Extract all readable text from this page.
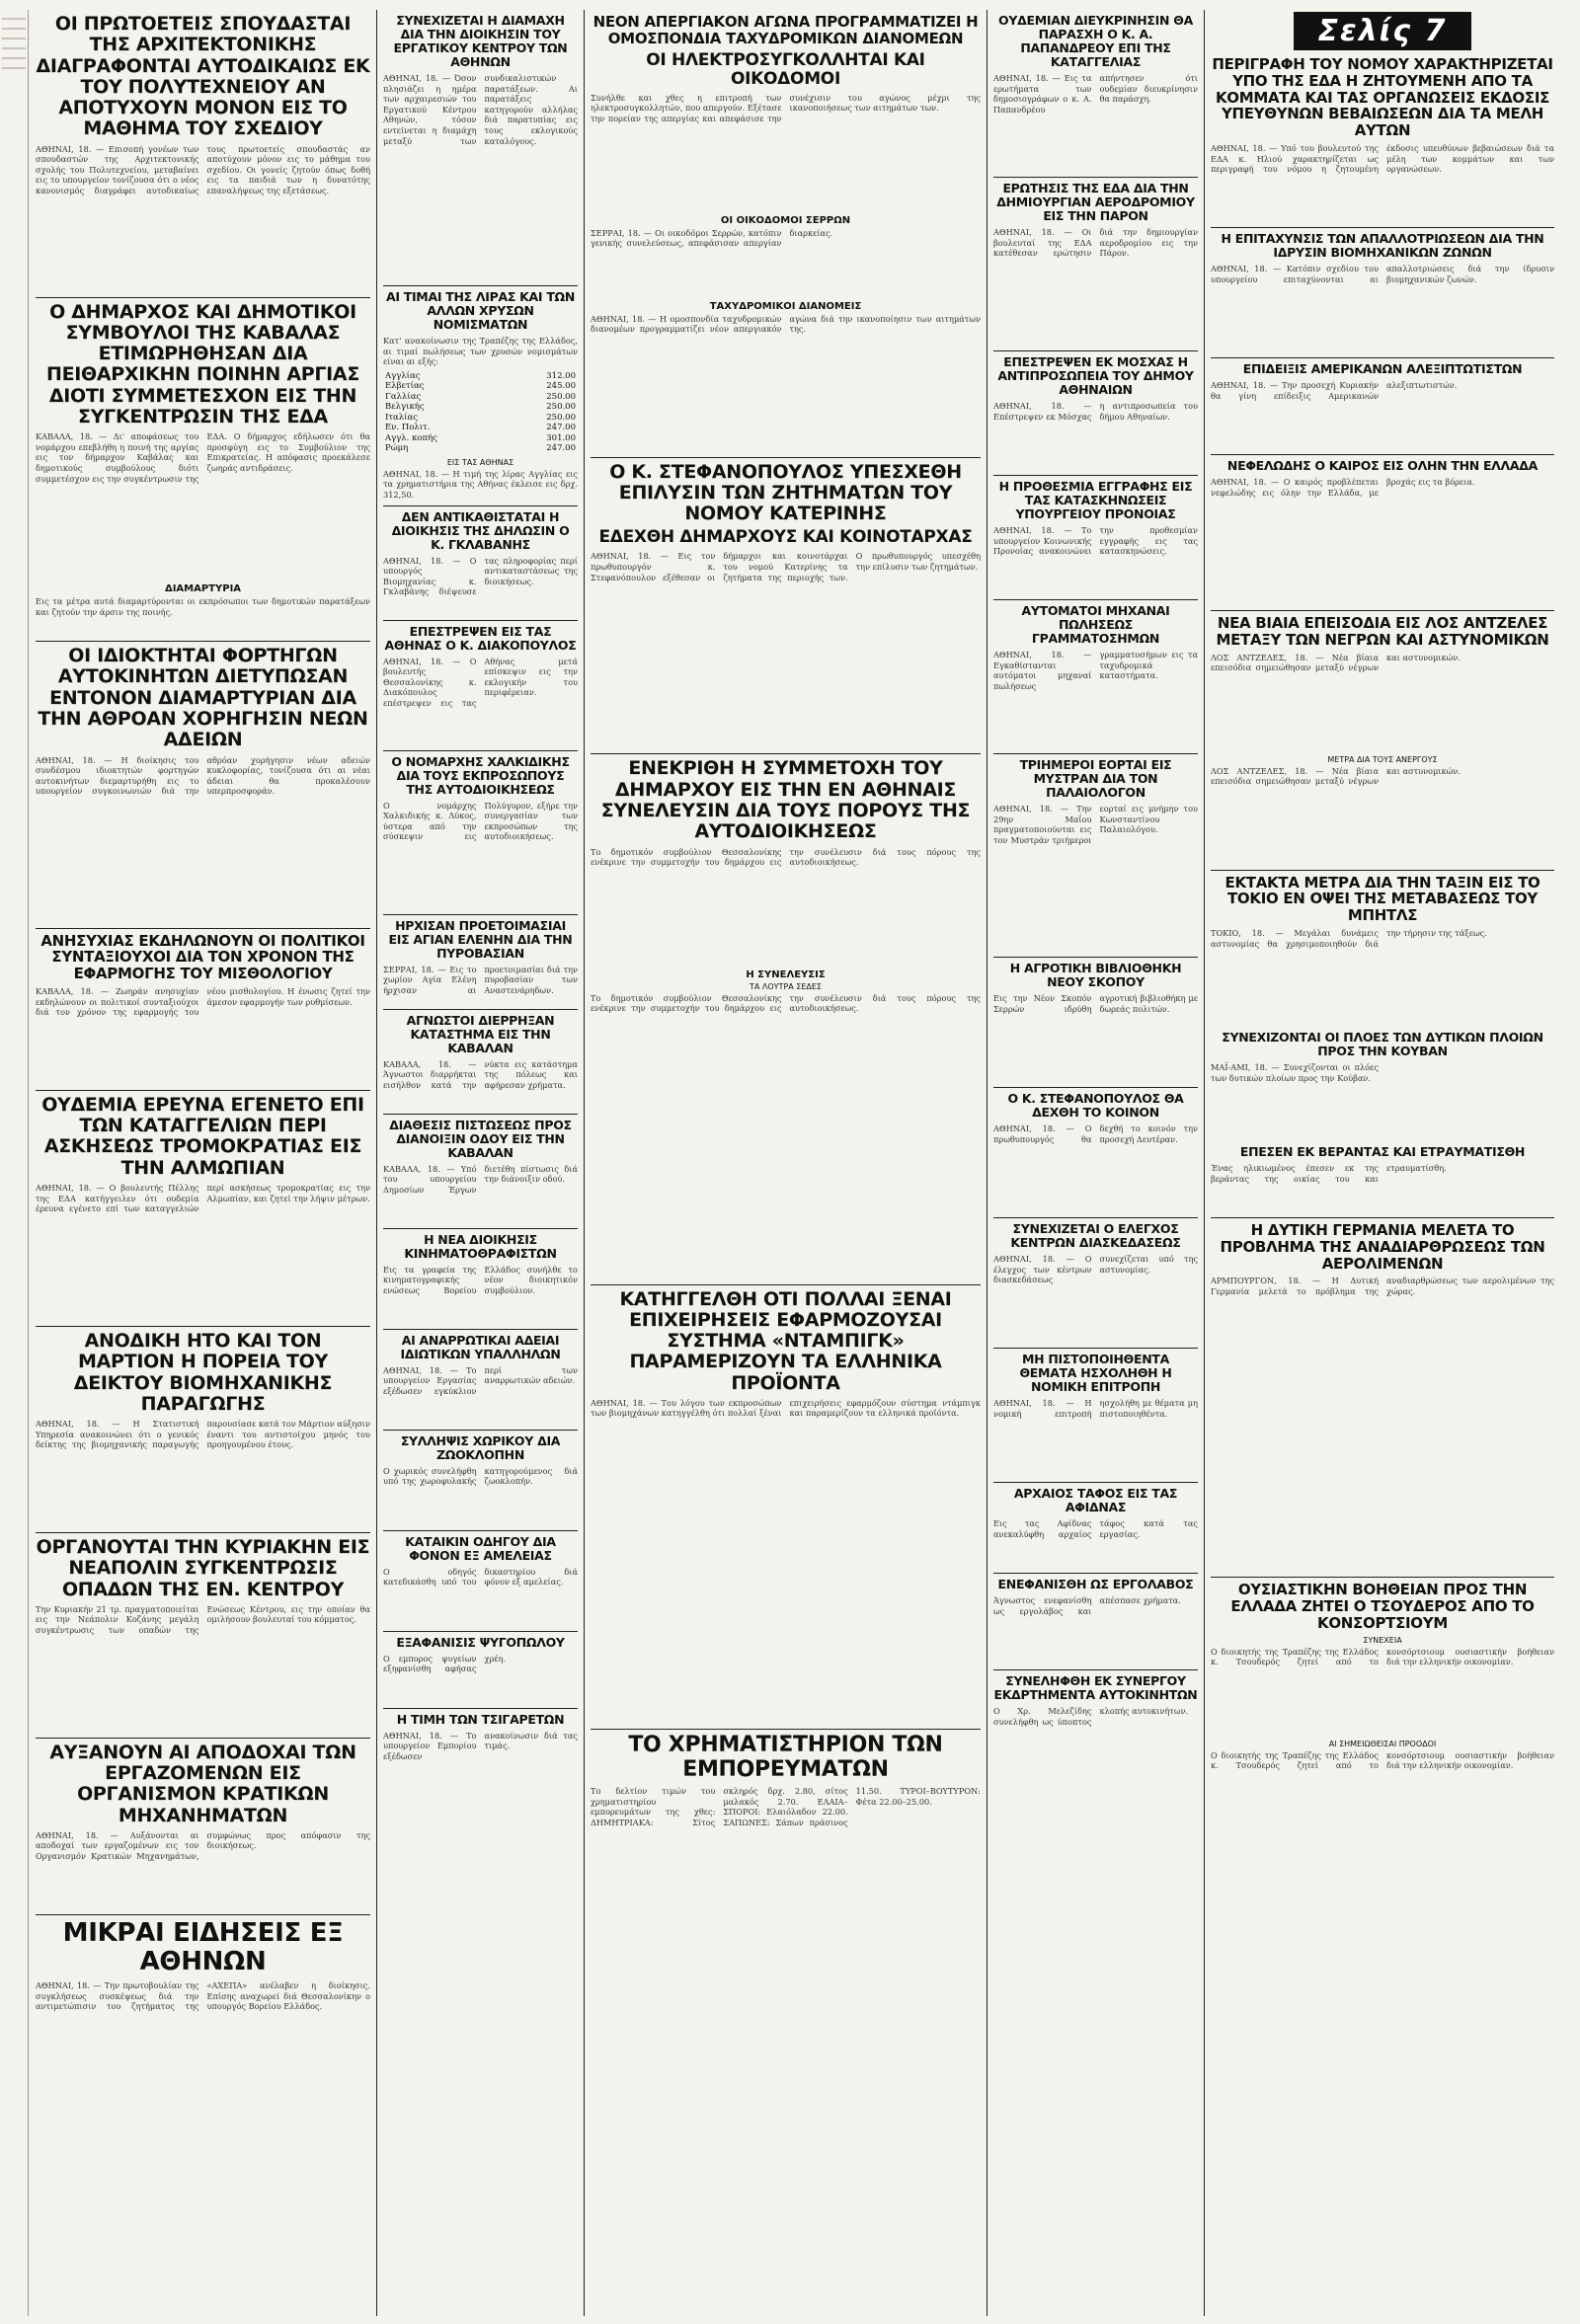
ΟΙ ΠΡΩΤΟΕΤΕΙΣ ΣΠΟΥΔΑΣΤΑΙ ΤΗΣ ΑΡΧΙΤΕΚΤΟΝΙΚΗΣ ΔΙΑΓΡΑΦΟΝΤΑΙ ΑΥΤΟΔΙΚΑΙΩΣ ΕΚ ΤΟΥ ΠΟΛΥΤΕΧΝΕΙΟΥ ΑΝ ΑΠΟΤΥΧΟΥΝ ΜΟΝΟΝ ΕΙΣ ΤΟ ΜΑΘΗΜΑ ΤΟΥ ΣΧΕΔΙΟΥ

ΑΘΗΝΑΙ, 18. — Επισοπή γονέων των σπουδαστών της Αρχιτεκτονικής σχολής του Πολυτεχνείου, μεταβαίνει εις το υπουργείον τονίζουσα ότι ο νέος κανονισμός διαγράφει αυτοδικαίως τους πρωτοετείς σπουδαστάς αν αποτύχουν μόνον εις το μάθημα του σχεδίου. Οι γονείς ζητούν όπως δοθή εις τα παιδιά των η δυνατότης επαναλήψεως της εξετάσεως.

Ο ΔΗΜΑΡΧΟΣ ΚΑΙ ΔΗΜΟΤΙΚΟΙ ΣΥΜΒΟΥΛΟΙ ΤΗΣ ΚΑΒΑΛΑΣ ΕΤΙΜΩΡΗΘΗΣΑΝ ΔΙΑ ΠΕΙΘΑΡΧΙΚΗΝ ΠΟΙΝΗΝ ΑΡΓΙΑΣ ΔΙΟΤΙ ΣΥΜΜΕΤΕΣΧΟΝ ΕΙΣ ΤΗΝ ΣΥΓΚΕΝΤΡΩΣΙΝ ΤΗΣ ΕΔΑ

ΚΑΒΑΛΑ, 18. — Δι' αποφάσεως του νομάρχου επεβλήθη η ποινή της αργίας εις τον δήμαρχον Καβάλας και δημοτικούς συμβούλους διότι συμμετέσχον εις την συγκέντρωσιν της ΕΔΑ. Ο δήμαρχος εδήλωσεν ότι θα προσφύγη εις το Συμβούλιον της Επικρατείας. Η απόφασις προεκάλεσε ζωηράς αντιδράσεις.

ΔΙΑΜΑΡΤΥΡΙΑ

Εις τα μέτρα αυτά διαμαρτύρονται οι εκπρόσωποι των δημοτικών παρατάξεων και ζητούν την άρσιν της ποινής.

ΟΙ ΙΔΙΟΚΤΗΤΑΙ ΦΟΡΤΗΓΩΝ ΑΥΤΟΚΙΝΗΤΩΝ ΔΙΕΤΥΠΩΣΑΝ ΕΝΤΟΝΟΝ ΔΙΑΜΑΡΤΥΡΙΑΝ ΔΙΑ ΤΗΝ ΑΘΡΟΑΝ ΧΟΡΗΓΗΣΙΝ ΝΕΩΝ ΑΔΕΙΩΝ

ΑΘΗΝΑΙ, 18. — Η διοίκησις του συνδέσμου ιδιοκτητών φορτηγών αυτοκινήτων διεμαρτυρήθη εις το υπουργείον συγκοινωνιών διά την αθρόαν χορήγησιν νέων αδειών κυκλοφορίας, τονίζουσα ότι αι νέαι άδειαι θα προκαλέσουν υπερπροσφοράν.

ΑΝΗΣΥΧΙΑΣ ΕΚΔΗΛΩΝΟΥΝ ΟΙ ΠΟΛΙΤΙΚΟΙ ΣΥΝΤΑΞΙΟΥΧΟΙ ΔΙΑ ΤΟΝ ΧΡΟΝΟΝ ΤΗΣ ΕΦΑΡΜΟΓΗΣ ΤΟΥ ΜΙΣΘΟΛΟΓΙΟΥ

ΚΑΒΑΛΑ, 18. — Ζωηράν ανησυχίαν εκδηλώνουν οι πολιτικοί συνταξιούχοι διά τον χρόνον της εφαρμογής του νέου μισθολογίου. Η ένωσις ζητεί την άμεσον εφαρμογήν των ρυθμίσεων.

ΟΥΔΕΜΙΑ ΕΡΕΥΝΑ ΕΓΕΝΕΤΟ ΕΠΙ ΤΩΝ ΚΑΤΑΓΓΕΛΙΩΝ ΠΕΡΙ ΑΣΚΗΣΕΩΣ ΤΡΟΜΟΚΡΑΤΙΑΣ ΕΙΣ ΤΗΝ ΑΛΜΩΠΙΑΝ

ΑΘΗΝΑΙ, 18. — Ο βουλευτής Πέλλης της ΕΔΑ κατήγγειλεν ότι ουδεμία έρευνα εγένετο επί των καταγγελιών περί ασκήσεως τρομοκρατίας εις την Αλμωπίαν, και ζητεί την λήψιν μέτρων.

ΑΝΟΔΙΚΗ ΗΤΟ ΚΑΙ ΤΟΝ ΜΑΡΤΙΟΝ Η ΠΟΡΕΙΑ ΤΟΥ ΔΕΙΚΤΟΥ ΒΙΟΜΗΧΑΝΙΚΗΣ ΠΑΡΑΓΩΓΗΣ

ΑΘΗΝΑΙ, 18. — Η Στατιστική Υπηρεσία ανακοινώνει ότι ο γενικός δείκτης της βιομηχανικής παραγωγής παρουσίασε κατά τον Μάρτιον αύξησιν έναντι του αντιστοίχου μηνός του προηγουμένου έτους.

ΟΡΓΑΝΟΥΤΑΙ ΤΗΝ ΚΥΡΙΑΚΗΝ ΕΙΣ ΝΕΑΠΟΛΙΝ ΣΥΓΚΕΝΤΡΩΣΙΣ ΟΠΑΔΩΝ ΤΗΣ ΕΝ. ΚΕΝΤΡΟΥ

Την Κυριακήν 21 τρ. πραγματοποιείται εις την Νεάπολιν Κοζάνης μεγάλη συγκέντρωσις των οπαδών της Ενώσεως Κέντρου, εις την οποίαν θα ομιλήσουν βουλευταί του κόμματος.

ΑΥΞΑΝΟΥΝ ΑΙ ΑΠΟΔΟΧΑΙ ΤΩΝ ΕΡΓΑΖΟΜΕΝΩΝ ΕΙΣ ΟΡΓΑΝΙΣΜΟΝ ΚΡΑΤΙΚΩΝ ΜΗΧΑΝΗΜΑΤΩΝ

ΑΘΗΝΑΙ, 18. — Αυξάνονται αι αποδοχαί των εργαζομένων εις τον Οργανισμόν Κρατικών Μηχανημάτων, συμφώνως προς απόφασιν της διοικήσεως.

ΜΙΚΡΑΙ ΕΙΔΗΣΕΙΣ ΕΞ ΑΘΗΝΩΝ

ΑΘΗΝΑΙ, 18. — Την πρωτοβουλίαν της συγκλήσεως συσκέψεως διά την αντιμετώπισιν του ζητήματος της «ΑΧΕΠΑ» ανέλαβεν η διοίκησις. Επίσης αναχωρεί διά Θεσσαλονίκην ο υπουργός Βορείου Ελλάδος.

ΣΥΝΕΧΙΖΕΤΑΙ Η ΔΙΑΜΑΧΗ ΔΙΑ ΤΗΝ ΔΙΟΙΚΗΣΙΝ ΤΟΥ ΕΡΓΑΤΙΚΟΥ ΚΕΝΤΡΟΥ ΤΩΝ ΑΘΗΝΩΝ

ΑΘΗΝΑΙ, 18. — Όσον πλησιάζει η ημέρα των αρχαιρεσιών του Εργατικού Κέντρου Αθηνών, τόσον εντείνεται η διαμάχη μεταξύ των συνδικαλιστικών παρατάξεων. Αι παρατάξεις κατηγορούν αλλήλας διά παρατυπίας εις τους εκλογικούς καταλόγους.

ΑΙ ΤΙΜΑΙ ΤΗΣ ΛΙΡΑΣ ΚΑΙ ΤΩΝ ΑΛΛΩΝ ΧΡΥΣΩΝ ΝΟΜΙΣΜΑΤΩΝ

Κατ' ανακοίνωσιν της Τραπέζης της Ελλάδος, αι τιμαί πωλήσεως των χρυσών νομισμάτων είναι αι εξής:

Αγγλίας	312.00
Ελβετίας	245.00
Γαλλίας	250.00
Βελγικής	250.00
Ιταλίας	250.00
Εν. Πολιτ.	247.00
Αγγλ. κοπής	301.00
Ρώμη	247.00
ΕΙΣ ΤΑΣ ΑΘΗΝΑΣ

ΑΘΗΝΑΙ, 18. — Η τιμή της λίρας Αγγλίας εις τα χρηματιστήρια της Αθήνας έκλεισε εις δρχ. 312,50.

ΔΕΝ ΑΝΤΙΚΑΘΙΣΤΑΤΑΙ Η ΔΙΟΙΚΗΣΙΣ ΤΗΣ ΔΗΛΩΣΙΝ Ο Κ. ΓΚΛΑΒΑΝΗΣ

ΑΘΗΝΑΙ, 18. — Ο υπουργός Βιομηχανίας κ. Γκλαβάνης διέψευσε τας πληροφορίας περί αντικαταστάσεως της διοικήσεως.

ΕΠΕΣΤΡΕΨΕΝ ΕΙΣ ΤΑΣ ΑΘΗΝΑΣ Ο Κ. ΔΙΑΚΟΠΟΥΛΟΣ

ΑΘΗΝΑΙ, 18. — Ο βουλευτής Θεσσαλονίκης κ. Διακόπουλος επέστρεψεν εις τας Αθήνας μετά επίσκεψιν εις την εκλογικήν του περιφέρειαν.

Ο ΝΟΜΑΡΧΗΣ ΧΑΛΚΙΔΙΚΗΣ ΔΙΑ ΤΟΥΣ ΕΚΠΡΟΣΩΠΟΥΣ ΤΗΣ ΑΥΤΟΔΙΟΙΚΗΣΕΩΣ

Ο νομάρχης Χαλκιδικής κ. Λύκος, ύστερα από την σύσκεψιν εις Πολύγυρον, εξήρε την συνεργασίαν των εκπροσώπων της αυτοδιοικήσεως.

ΗΡΧΙΣΑΝ ΠΡΟΕΤΟΙΜΑΣΙΑΙ ΕΙΣ ΑΓΙΑΝ ΕΛΕΝΗΝ ΔΙΑ ΤΗΝ ΠΥΡΟΒΑΣΙΑΝ

ΣΕΡΡΑΙ, 18. — Εις το χωρίον Αγία Ελένη ήρχισαν αι προετοιμασίαι διά την πυροβασίαν των Αναστενάρηδων.

ΑΓΝΩΣΤΟΙ ΔΙΕΡΡΗΞΑΝ ΚΑΤΑΣΤΗΜΑ ΕΙΣ ΤΗΝ ΚΑΒΑΛΑΝ

ΚΑΒΑΛΑ, 18. — Άγνωστοι διαρρήκται εισήλθον κατά την νύκτα εις κατάστημα της πόλεως και αφήρεσαν χρήματα.

ΔΙΑΘΕΣΙΣ ΠΙΣΤΩΣΕΩΣ ΠΡΟΣ ΔΙΑΝΟΙΞΙΝ ΟΔΟΥ ΕΙΣ ΤΗΝ ΚΑΒΑΛΑΝ

ΚΑΒΑΛΑ, 18. — Υπό του υπουργείου Δημοσίων Έργων διετέθη πίστωσις διά την διάνοιξιν οδού.

Η ΝΕΑ ΔΙΟΙΚΗΣΙΣ ΚΙΝΗΜΑΤΟΘΡΑΦΙΣΤΩΝ

Εις τα γραφεία της κινηματογραφικής ενώσεως Βορείου Ελλάδος συνήλθε το νέον διοικητικόν συμβούλιον.

ΑΙ ΑΝΑΡΡΩΤΙΚΑΙ ΑΔΕΙΑΙ ΙΔΙΩΤΙΚΩΝ ΥΠΑΛΛΗΛΩΝ

ΑΘΗΝΑΙ, 18. — Το υπουργείον Εργασίας εξέδωσεν εγκύκλιον περί των αναρρωτικών αδειών.

ΣΥΛΛΗΨΙΣ ΧΩΡΙΚΟΥ ΔΙΑ ΖΩΟΚΛΟΠΗΝ

Ο χωρικός συνελήφθη υπό της χωροφυλακής κατηγορούμενος διά ζωοκλοπήν.

ΚΑΤΑΙΚΙΝ ΟΔΗΓΟΥ ΔΙΑ ΦΟΝΟΝ ΕΞ ΑΜΕΛΕΙΑΣ

Ο οδηγός κατεδικάσθη υπό του δικαστηρίου διά φόνον εξ αμελείας.

ΕΞΑΦΑΝΙΣΙΣ ΨΥΓΟΠΩΛΟΥ

Ο εμπορος ψυγείων εξηφανίσθη αφήσας χρέη.

Η ΤΙΜΗ ΤΩΝ ΤΣΙΓΑΡΕΤΩΝ

ΑΘΗΝΑΙ, 18. — Το υπουργείον Εμπορίου εξέδωσεν ανακοίνωσιν διά τας τιμάς.

ΝΕΟΝ ΑΠΕΡΓΙΑΚΟΝ ΑΓΩΝΑ ΠΡΟΓΡΑΜΜΑΤΙΖΕΙ Η ΟΜΟΣΠΟΝΔΙΑ ΤΑΧΥΔΡΟΜΙΚΩΝ ΔΙΑΝΟΜΕΩΝ
ΟΙ ΗΛΕΚΤΡΟΣΥΓΚΟΛΛΗΤΑΙ ΚΑΙ ΟΙΚΟΔΟΜΟΙ

Συνήλθε και χθες η επιτροπή των ηλεκτροσυγκολλητών, που απεργούν. Εξέτασε την πορείαν της απεργίας και απεφάσισε την συνέχισιν του αγώνος μέχρι της ικανοποιήσεως των αιτημάτων των.

ΟΙ ΟΙΚΟΔΟΜΟΙ ΣΕΡΡΩΝ

ΣΕΡΡΑΙ, 18. — Οι οικοδόμοι Σερρών, κατόπιν γενικής συνελεύσεως, απεφάσισαν απεργίαν διαρκείας.

ΤΑΧΥΔΡΟΜΙΚΟΙ ΔΙΑΝΟΜΕΙΣ

ΑΘΗΝΑΙ, 18. — Η ομοσπονδία ταχυδρομικών διανομέων προγραμματίζει νέον απεργιακόν αγώνα διά την ικανοποίησιν των αιτημάτων της.

Ο Κ. ΣΤΕΦΑΝΟΠΟΥΛΟΣ ΥΠΕΣΧΕΘΗ ΕΠΙΛΥΣΙΝ ΤΩΝ ΖΗΤΗΜΑΤΩΝ ΤΟΥ ΝΟΜΟΥ ΚΑΤΕΡΙΝΗΣ
ΕΔΕΧΘΗ ΔΗΜΑΡΧΟΥΣ ΚΑΙ ΚΟΙΝΟΤΑΡΧΑΣ

ΑΘΗΝΑΙ, 18. — Εις τον πρωθυπουργόν κ. Στεφανόπουλον εξέθεσαν οι δήμαρχοι και κοινοτάρχαι του νομού Κατερίνης τα ζητήματα της περιοχής των. Ο πρωθυπουργός υπεσχέθη την επίλυσιν των ζητημάτων.

ΕΝΕΚΡΙΘΗ Η ΣΥΜΜΕΤΟΧΗ ΤΟΥ ΔΗΜΑΡΧΟΥ ΕΙΣ ΤΗΝ ΕΝ ΑΘΗΝΑΙΣ ΣΥΝΕΛΕΥΣΙΝ ΔΙΑ ΤΟΥΣ ΠΟΡΟΥΣ ΤΗΣ ΑΥΤΟΔΙΟΙΚΗΣΕΩΣ

Το δημοτικόν συμβούλιον Θεσσαλονίκης ενέκρινε την συμμετοχήν του δημάρχου εις την συνέλευσιν διά τους πόρους της αυτοδιοικήσεως.

Η ΣΥΝΕΛΕΥΣΙΣ
ΤΑ ΛΟΥΤΡΑ ΣΕΔΕΣ

Το δημοτικόν συμβούλιον Θεσσαλονίκης ενέκρινε την συμμετοχήν του δημάρχου εις την συνέλευσιν διά τους πόρους της αυτοδιοικήσεως.

ΚΑΤΗΓΓΕΛΘΗ ΟΤΙ ΠΟΛΛΑΙ ΞΕΝΑΙ ΕΠΙΧΕΙΡΗΣΕΙΣ ΕΦΑΡΜΟΖΟΥΣΑΙ ΣΥΣΤΗΜΑ «ΝΤΑΜΠΙΓΚ» ΠΑΡΑΜΕΡΙΖΟΥΝ ΤΑ ΕΛΛΗΝΙΚΑ ΠΡΟΪΟΝΤΑ

ΑΘΗΝΑΙ, 18. — Του λόγου των εκπροσώπων των βιομηχάνων κατηγγέλθη ότι πολλαί ξέναι επιχειρήσεις εφαρμόζουν σύστημα ντάμπιγκ και παραμερίζουν τα ελληνικά προϊόντα.

ΤΟ ΧΡΗΜΑΤΙΣΤΗΡΙΟΝ ΤΩΝ ΕΜΠΟΡΕΥΜΑΤΩΝ

Το δελτίον τιμών του χρηματιστηρίου εμπορευμάτων της χθες: ΔΗΜΗΤΡΙΑΚΑ: Σίτος σκληρός δρχ. 2.80, σίτος μαλακός 2.70. ΕΛΑΙΑ–ΣΠΟΡΟΙ: Ελαιόλαδον 22.00. ΣΑΠΩΝΕΣ: Σάπων πράσινος 11.50. ΤΥΡΟΙ–ΒΟΥΤΥΡΟΝ: Φέτα 22.00–25.00.

ΟΥΔΕΜΙΑΝ ΔΙΕΥΚΡΙΝΗΣΙΝ ΘΑ ΠΑΡΑΣΧΗ Ο Κ. Α. ΠΑΠΑΝΔΡΕΟΥ ΕΠΙ ΤΗΣ ΚΑΤΑΓΓΕΛΙΑΣ

ΑΘΗΝΑΙ, 18. — Εις τα ερωτήματα των δημοσιογράφων ο κ. Α. Παπανδρέου απήντησεν ότι ουδεμίαν διευκρίνησιν θα παράσχη.

ΕΡΩΤΗΣΙΣ ΤΗΣ ΕΔΑ ΔΙΑ ΤΗΝ ΔΗΜΙΟΥΡΓΙΑΝ ΑΕΡΟΔΡΟΜΙΟΥ ΕΙΣ ΤΗΝ ΠΑΡΟΝ

ΑΘΗΝΑΙ, 18. — Οι βουλευταί της ΕΔΑ κατέθεσαν ερώτησιν διά την δημιουργίαν αεροδρομίου εις την Πάρον.

ΕΠΕΣΤΡΕΨΕΝ ΕΚ ΜΟΣΧΑΣ Η ΑΝΤΙΠΡΟΣΩΠΕΙΑ ΤΟΥ ΔΗΜΟΥ ΑΘΗΝΑΙΩΝ

ΑΘΗΝΑΙ, 18. — Επέστρεψεν εκ Μόσχας η αντιπροσωπεία του δήμου Αθηναίων.

Η ΠΡΟΘΕΣΜΙΑ ΕΓΓΡΑΦΗΣ ΕΙΣ ΤΑΣ ΚΑΤΑΣΚΗΝΩΣΕΙΣ ΥΠΟΥΡΓΕΙΟΥ ΠΡΟΝΟΙΑΣ

ΑΘΗΝΑΙ, 18. — Το υπουργείον Κοινωνικής Προνοίας ανακοινώνει την προθεσμίαν εγγραφής εις τας κατασκηνώσεις.

ΑΥΤΟΜΑΤΟΙ ΜΗΧΑΝΑΙ ΠΩΛΗΣΕΩΣ ΓΡΑΜΜΑΤΟΣΗΜΩΝ

ΑΘΗΝΑΙ, 18. — Εγκαθίστανται αυτόματοι μηχαναί πωλήσεως γραμματοσήμων εις τα ταχυδρομικά καταστήματα.

ΤΡΙΗΜΕΡΟΙ ΕΟΡΤΑΙ ΕΙΣ ΜΥΣΤΡΑΝ ΔΙΑ ΤΟΝ ΠΑΛΑΙΟΛΟΓΟΝ

ΑΘΗΝΑΙ, 18. — Την 29ην Μαΐου πραγματοποιούνται εις τον Μυστράν τριήμεροι εορταί εις μνήμην του Κωνσταντίνου Παλαιολόγου.

Η ΑΓΡΟΤΙΚΗ ΒΙΒΛΙΟΘΗΚΗ ΝΕΟΥ ΣΚΟΠΟΥ

Εις την Νέον Σκοπόν Σερρών ιδρύθη αγροτική βιβλιοθήκη με δωρεάς πολιτών.

Ο Κ. ΣΤΕΦΑΝΟΠΟΥΛΟΣ ΘΑ ΔΕΧΘΗ ΤΟ ΚΟΙΝΟΝ

ΑΘΗΝΑΙ, 18. — Ο πρωθυπουργός θα δεχθή το κοινόν την προσεχή Δευτέραν.

ΣΥΝΕΧΙΖΕΤΑΙ Ο ΕΛΕΓΧΟΣ ΚΕΝΤΡΩΝ ΔΙΑΣΚΕΔΑΣΕΩΣ

ΑΘΗΝΑΙ, 18. — Ο έλεγχος των κέντρων διασκεδάσεως συνεχίζεται υπό της αστυνομίας.

ΜΗ ΠΙΣΤΟΠΟΙΗΘΕΝΤΑ ΘΕΜΑΤΑ ΗΣΧΟΛΗΘΗ Η ΝΟΜΙΚΗ ΕΠΙΤΡΟΠΗ

ΑΘΗΝΑΙ, 18. — Η νομική επιτροπή ησχολήθη με θέματα μη πιστοποιηθέντα.

ΑΡΧΑΙΟΣ ΤΑΦΟΣ ΕΙΣ ΤΑΣ ΑΦΙΔΝΑΣ

Εις τας Αφίδνας ανεκαλύφθη αρχαίος τάφος κατά τας εργασίας.

ΕΝΕΦΑΝΙΣΘΗ ΩΣ ΕΡΓΟΛΑΒΟΣ

Άγνωστος ενεφανίσθη ως εργολάβος και απέσπασε χρήματα.

ΣΥΝΕΛΗΦΘΗ ΕΚ ΣΥΝΕΡΓΟΥ ΕΚΔΡΤΗΜΕΝΤΑ ΑΥΤΟΚΙΝΗΤΩΝ

Ο Χρ. Μελεζίδης συνελήφθη ως ύποπτος κλοπής αυτοκινήτων.

Σελίς 7
ΠΕΡΙΓΡΑΦΗ ΤΟΥ ΝΟΜΟΥ ΧΑΡΑΚΤΗΡΙΖΕΤΑΙ ΥΠΟ ΤΗΣ ΕΔΑ Η ΖΗΤΟΥΜΕΝΗ ΑΠΟ ΤΑ ΚΟΜΜΑΤΑ ΚΑΙ ΤΑΣ ΟΡΓΑΝΩΣΕΙΣ ΕΚΔΟΣΙΣ ΥΠΕΥΘΥΝΩΝ ΒΕΒΑΙΩΣΕΩΝ ΔΙΑ ΤΑ ΜΕΛΗ ΑΥΤΩΝ

ΑΘΗΝΑΙ, 18. — Υπό του βουλευτού της ΕΔΑ κ. Ηλιού χαρακτηρίζεται ως περιγραφή του νόμου η ζητουμένη έκδοσις υπευθύνων βεβαιώσεων διά τα μέλη των κομμάτων και των οργανώσεων.

Η ΕΠΙΤΑΧΥΝΣΙΣ ΤΩΝ ΑΠΑΛΛΟΤΡΙΩΣΕΩΝ ΔΙΑ ΤΗΝ ΙΔΡΥΣΙΝ ΒΙΟΜΗΧΑΝΙΚΩΝ ΖΩΝΩΝ

ΑΘΗΝΑΙ, 18. — Κατόπιν σχεδίου του υπουργείου επιταχύνονται αι απαλλοτριώσεις διά την ίδρυσιν βιομηχανικών ζωνών.

ΕΠΙΔΕΙΞΙΣ ΑΜΕΡΙΚΑΝΩΝ ΑΛΕΞΙΠΤΩΤΙΣΤΩΝ

ΑΘΗΝΑΙ, 18. — Την προσεχή Κυριακήν θα γίνη επίδειξις Αμερικανών αλεξιπτωτιστών.

ΝΕΦΕΛΩΔΗΣ Ο ΚΑΙΡΟΣ ΕΙΣ ΟΛΗΝ ΤΗΝ ΕΛΛΑΔΑ

ΑΘΗΝΑΙ, 18. — Ο καιρός προβλέπεται νεφελώδης εις όλην την Ελλάδα, με βροχάς εις τα βόρεια.

ΝΕΑ ΒΙΑΙΑ ΕΠΕΙΣΟΔΙΑ ΕΙΣ ΛΟΣ ΑΝΤΖΕΛΕΣ ΜΕΤΑΞΥ ΤΩΝ ΝΕΓΡΩΝ ΚΑΙ ΑΣΤΥΝΟΜΙΚΩΝ

ΛΟΣ ΑΝΤΖΕΛΕΣ, 18. — Νέα βίαια επεισόδια σημειώθησαν μεταξύ νέγρων και αστυνομικών.

ΜΕΤΡΑ ΔΙΑ ΤΟΥΣ ΑΝΕΡΓΟΥΣ

ΛΟΣ ΑΝΤΖΕΛΕΣ, 18. — Νέα βίαια επεισόδια σημειώθησαν μεταξύ νέγρων και αστυνομικών.

ΕΚΤΑΚΤΑ ΜΕΤΡΑ ΔΙΑ ΤΗΝ ΤΑΞΙΝ ΕΙΣ ΤΟ ΤΟΚΙΟ ΕΝ ΟΨΕΙ ΤΗΣ ΜΕΤΑΒΑΣΕΩΣ ΤΟΥ ΜΠΗΤΛΣ

ΤΟΚΙΟ, 18. — Μεγάλαι δυνάμεις αστυνομίας θα χρησιμοποιηθούν διά την τήρησιν της τάξεως.

ΣΥΝΕΧΙΖΟΝΤΑΙ ΟΙ ΠΛΟΕΣ ΤΩΝ ΔΥΤΙΚΩΝ ΠΛΟΙΩΝ ΠΡΟΣ ΤΗΝ ΚΟΥΒΑΝ

ΜΑΪ-ΑΜΙ, 18. — Συνεχίζονται οι πλόες των δυτικών πλοίων προς την Κούβαν.

ΕΠΕΣΕΝ ΕΚ ΒΕΡΑΝΤΑΣ ΚΑΙ ΕΤΡΑΥΜΑΤΙΣΘΗ

Ένας ηλικιωμένος έπεσεν εκ της βεράντας της οικίας του και ετραυματίσθη.

Η ΔΥΤΙΚΗ ΓΕΡΜΑΝΙΑ ΜΕΛΕΤΑ ΤΟ ΠΡΟΒΛΗΜΑ ΤΗΣ ΑΝΑΔΙΑΡΘΡΩΣΕΩΣ ΤΩΝ ΑΕΡΟΛΙΜΕΝΩΝ

ΑΡΜΠΟΥΡΓΟΝ, 18. — Η Δυτική Γερμανία μελετά το πρόβλημα της αναδιαρθρώσεως των αερολιμένων της χώρας.

ΟΥΣΙΑΣΤΙΚΗΝ ΒΟΗΘΕΙΑΝ ΠΡΟΣ ΤΗΝ ΕΛΛΑΔΑ ΖΗΤΕΙ Ο ΤΣΟΥΔΕΡΟΣ ΑΠΟ ΤΟ ΚΟΝΣΟΡΤΣΙΟΥΜ
ΣΥΝΕΧΕΙΑ

Ο διοικητής της Τραπέζης της Ελλάδος κ. Τσουδερός ζητεί από το κονσόρτσιουμ ουσιαστικήν βοήθειαν διά την ελληνικήν οικονομίαν.

ΑΙ ΣΗΜΕΙΩΘΕΙΣΑΙ ΠΡΟΟΔΟΙ

Ο διοικητής της Τραπέζης της Ελλάδος κ. Τσουδερός ζητεί από το κονσόρτσιουμ ουσιαστικήν βοήθειαν διά την ελληνικήν οικονομίαν.
